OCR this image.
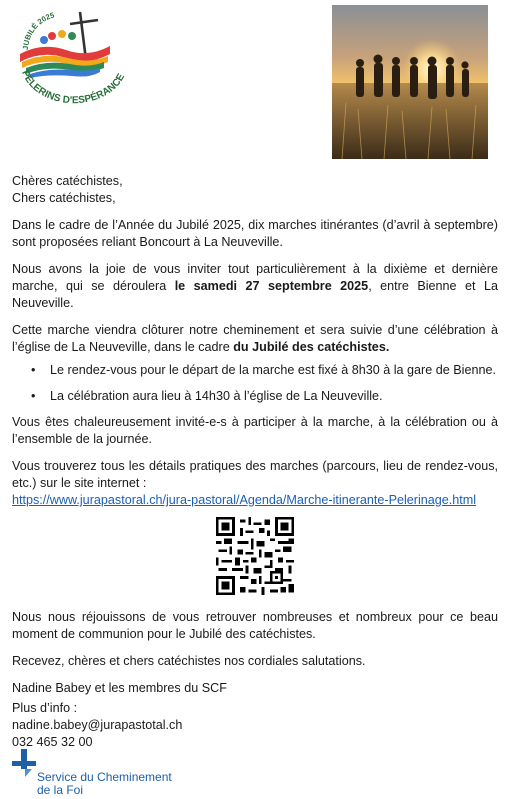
JUBILÉ 2025
PÈLERINS D'ESPÉRANCE

Chères catéchistes,

Chers catéchistes,

Dans le cadre de l’Année du Jubilé 2025, dix marches itinérantes (d’avril à septembre) sont proposées reliant Boncourt à La Neuveville.

Nous avons la joie de vous inviter tout particulièrement à la dixième et dernière marche, qui se déroulera le samedi 27 septembre 2025, entre Bienne et La Neuveville.

Cette marche viendra clôturer notre cheminement et sera suivie d’une célébration à l’église de La Neuveville, dans le cadre du Jubilé des catéchistes.

• Le rendez-vous pour le départ de la marche est fixé à 8h30 à la gare de Bienne.
• La célébration aura lieu à 14h30 à l’église de La Neuveville.

Vous êtes chaleureusement invité-e-s à participer à la marche, à la célébration ou à l’ensemble de la journée.

Vous trouverez tous les détails pratiques des marches (parcours, lieu de rendez-vous, etc.) sur le site internet :

https://www.jurapastoral.ch/jura-pastoral/Agenda/Marche-itinerante-Pelerinage.html

Nous nous réjouissons de vous retrouver nombreuses et nombreux pour ce beau moment de communion pour le Jubilé des catéchistes.

Recevez, chères et chers catéchistes nos cordiales salutations.

Nadine Babey et les membres du SCF

Plus d’info :

nadine.babey@jurapastotal.ch

032 465 32 00

Service du Cheminement
de la Foi
